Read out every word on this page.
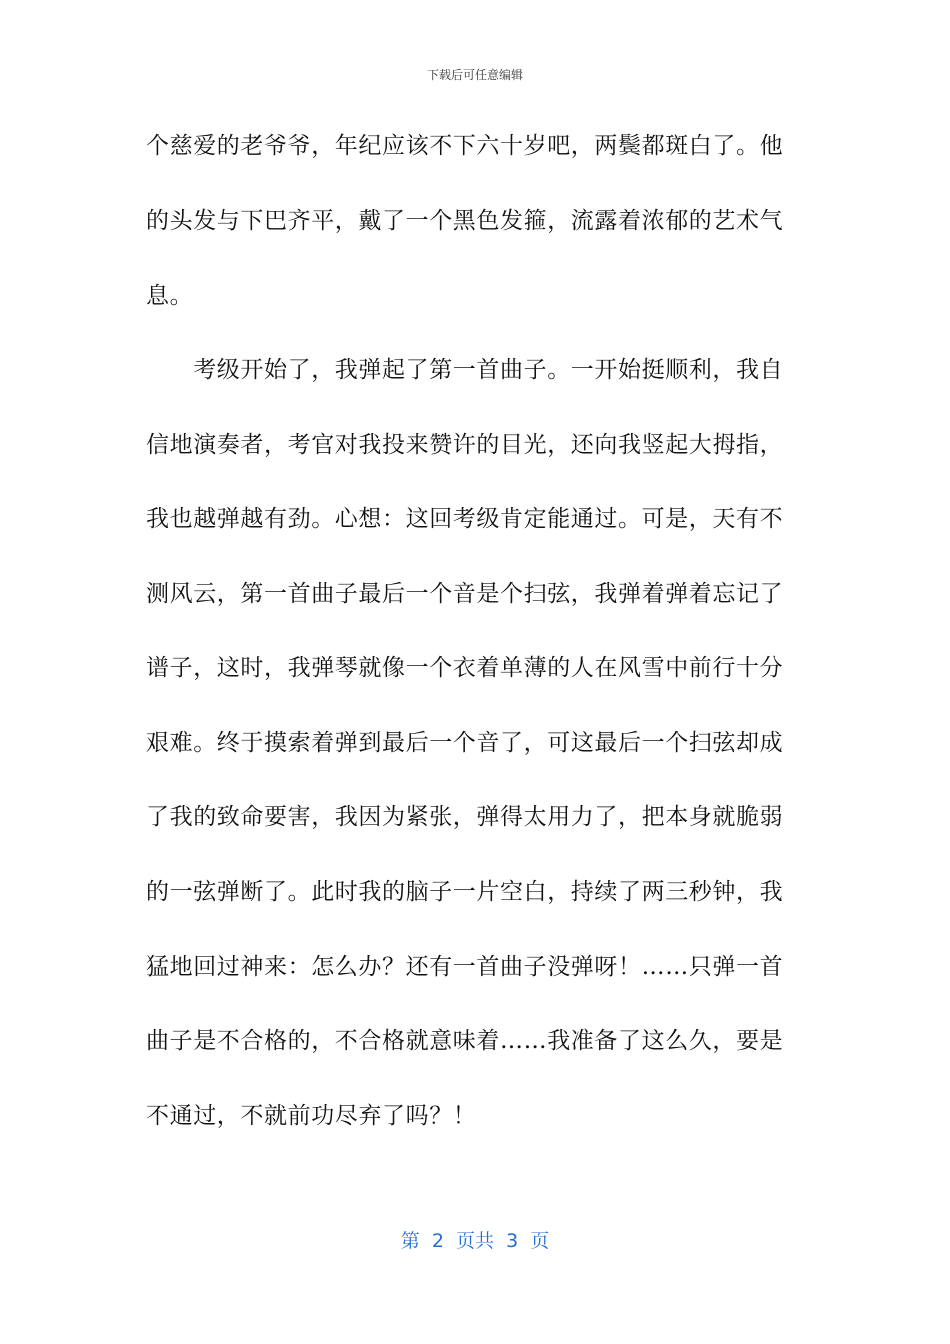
下载后可任意编辑
个慈爱的老爷爷，年纪应该不下六十岁吧，两鬓都斑白了。他
的头发与下巴齐平，戴了一个黑色发箍，流露着浓郁的艺术气
息。
　　考级开始了，我弹起了第一首曲子。一开始挺顺利，我自
信地演奏者，考官对我投来赞许的目光，还向我竖起大拇指，
我也越弹越有劲。心想：这回考级肯定能通过。可是，天有不
测风云，第一首曲子最后一个音是个扫弦，我弹着弹着忘记了
谱子，这时，我弹琴就像一个衣着单薄的人在风雪中前行十分
艰难。终于摸索着弹到最后一个音了，可这最后一个扫弦却成
了我的致命要害，我因为紧张，弹得太用力了，把本身就脆弱
的一弦弹断了。此时我的脑子一片空白，持续了两三秒钟，我
猛地回过神来：怎么办？还有一首曲子没弹呀！……只弹一首
曲子是不合格的，不合格就意味着……我准备了这么久，要是
不通过，不就前功尽弃了吗？！
第  2  页共  3  页
